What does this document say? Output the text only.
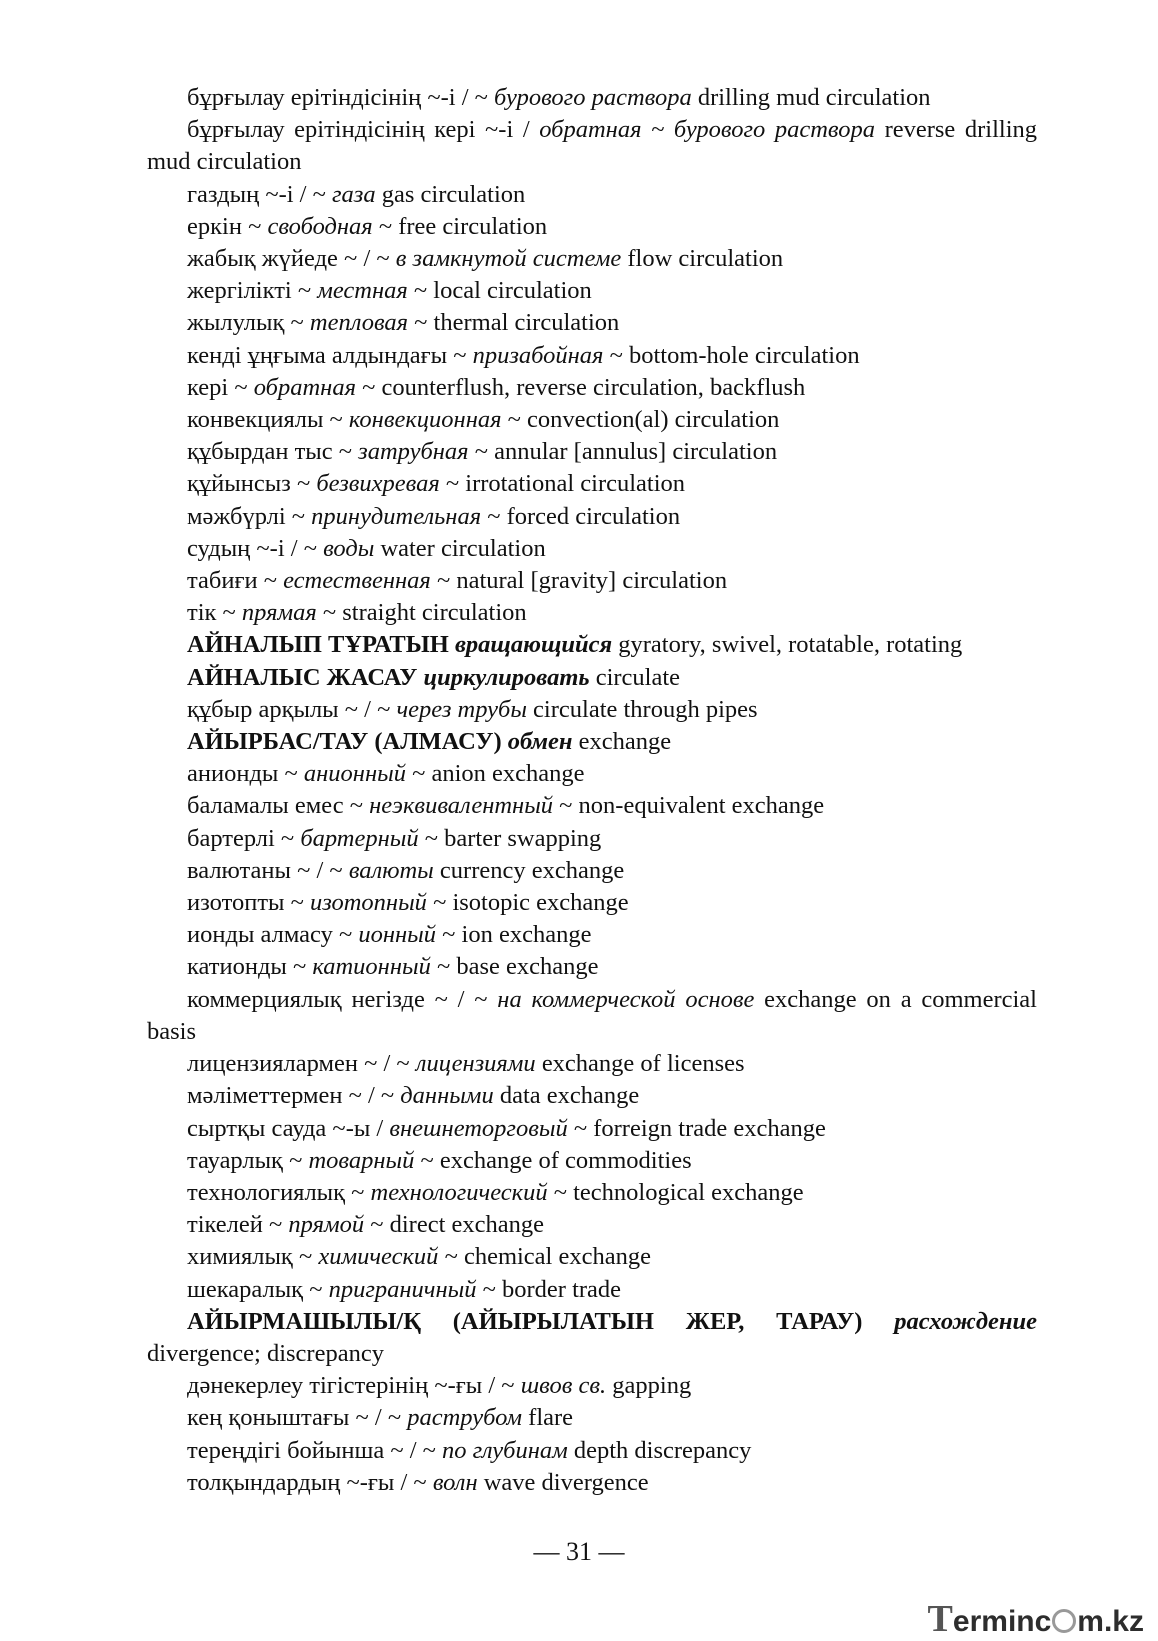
бұрғылау ерітіндісінің ~-і / ~ бурового раствора drilling mud circulation

бұрғылау ерітіндісінің кері ~-і / обратная ~ бурового раствора reverse drilling mud circulation

газдың ~-і / ~ газа gas circulation

еркін ~ свободная ~ free circulation

жабық жүйеде ~ / ~ в замкнутой системе flow circulation

жергілікті ~ местная ~ local circulation

жылулық ~ тепловая ~ thermal circulation

кенді ұңғыма алдындағы ~ призабойная ~ bottom-hole circulation

кері ~ обратная ~ counterflush, reverse circulation, backflush

конвекциялы ~ конвекционная ~ convection(al) circulation

құбырдан тыс ~ затрубная ~ annular [annulus] circulation

құйынсыз ~ безвихревая ~ irrotational circulation

мәжбүрлі ~ принудительная ~ forced circulation

судың ~-і / ~ воды water circulation

табиғи ~ естественная ~ natural [gravity] circulation

тік ~ прямая ~ straight circulation

АЙНАЛЫП ТҰРАТЫН вращающийся gyratory, swivel, rotatable, rotating

АЙНАЛЫС ЖАСАУ циркулировать circulate

құбыр арқылы ~ / ~ через трубы circulate through pipes

АЙЫРБАС/ТАУ (АЛМАСУ) обмен exchange

анионды ~ анионный ~ anion exchange

баламалы емес ~ неэквивалентный ~ non-equivalent exchange

бартерлі ~ бартерный ~ barter swapping

валютаны ~ / ~ валюты currency exchange

изотопты ~ изотопный ~ isotopic exchange

ионды алмасу ~ ионный ~ ion exchange

катионды ~ катионный ~ base exchange

коммерциялық негізде ~ / ~ на коммерческой основе exchange on a commercial basis

лицензиялармен ~ / ~ лицензиями exchange of licenses

мәліметтермен ~ / ~ данными data exchange

сыртқы сауда ~-ы / внешнеторговый ~ forreign trade exchange

тауарлық ~ товарный ~ exchange of commodities

технологиялық ~ технологический ~ technological exchange

тікелей ~ прямой ~ direct exchange

химиялық ~ химический ~ chemical exchange

шекаралық ~ приграничный ~ border trade

АЙЫРМАШЫЛЫ/Қ (АЙЫРЫЛАТЫН ЖЕР, ТАРАУ) расхождение divergence; discrepancy

дәнекерлеу тігістерінің ~-ғы / ~ швов св. gapping

кең қоныштағы ~ / ~ раструбом flare

тереңдігі бойынша ~ / ~ по глубинам depth discrepancy

толқындардың ~-ғы / ~ волн wave divergence

— 31 —
Terminc m.kz
